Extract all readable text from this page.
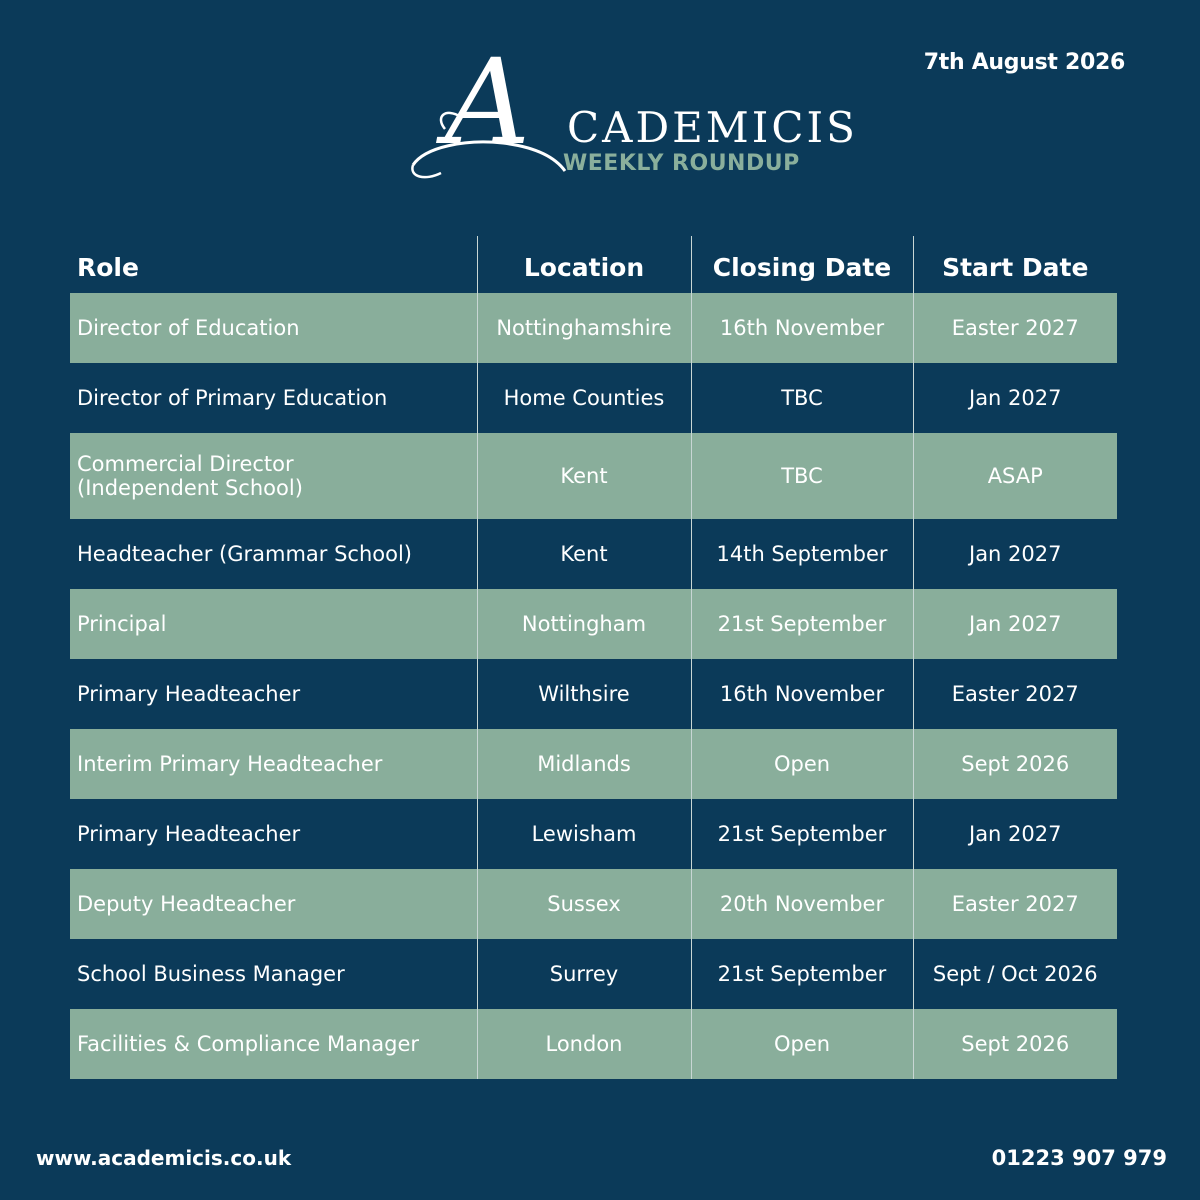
7th August 2026
A CADEMICIS
WEEKLY ROUNDUP
Role	Location	Closing Date	Start Date
Director of Education	Nottinghamshire	16th November	Easter 2027
Director of Primary Education	Home Counties	TBC	Jan 2027
Commercial Director
(Independent School)	Kent	TBC	ASAP
Headteacher (Grammar School)	Kent	14th September	Jan 2027
Principal	Nottingham	21st September	Jan 2027
Primary Headteacher	Wilthsire	16th November	Easter 2027
Interim Primary Headteacher	Midlands	Open	Sept 2026
Primary Headteacher	Lewisham	21st September	Jan 2027
Deputy Headteacher	Sussex	20th November	Easter 2027
School Business Manager	Surrey	21st September	Sept / Oct 2026
Facilities & Compliance Manager	London	Open	Sept 2026
www.academicis.co.uk	01223 907 979
